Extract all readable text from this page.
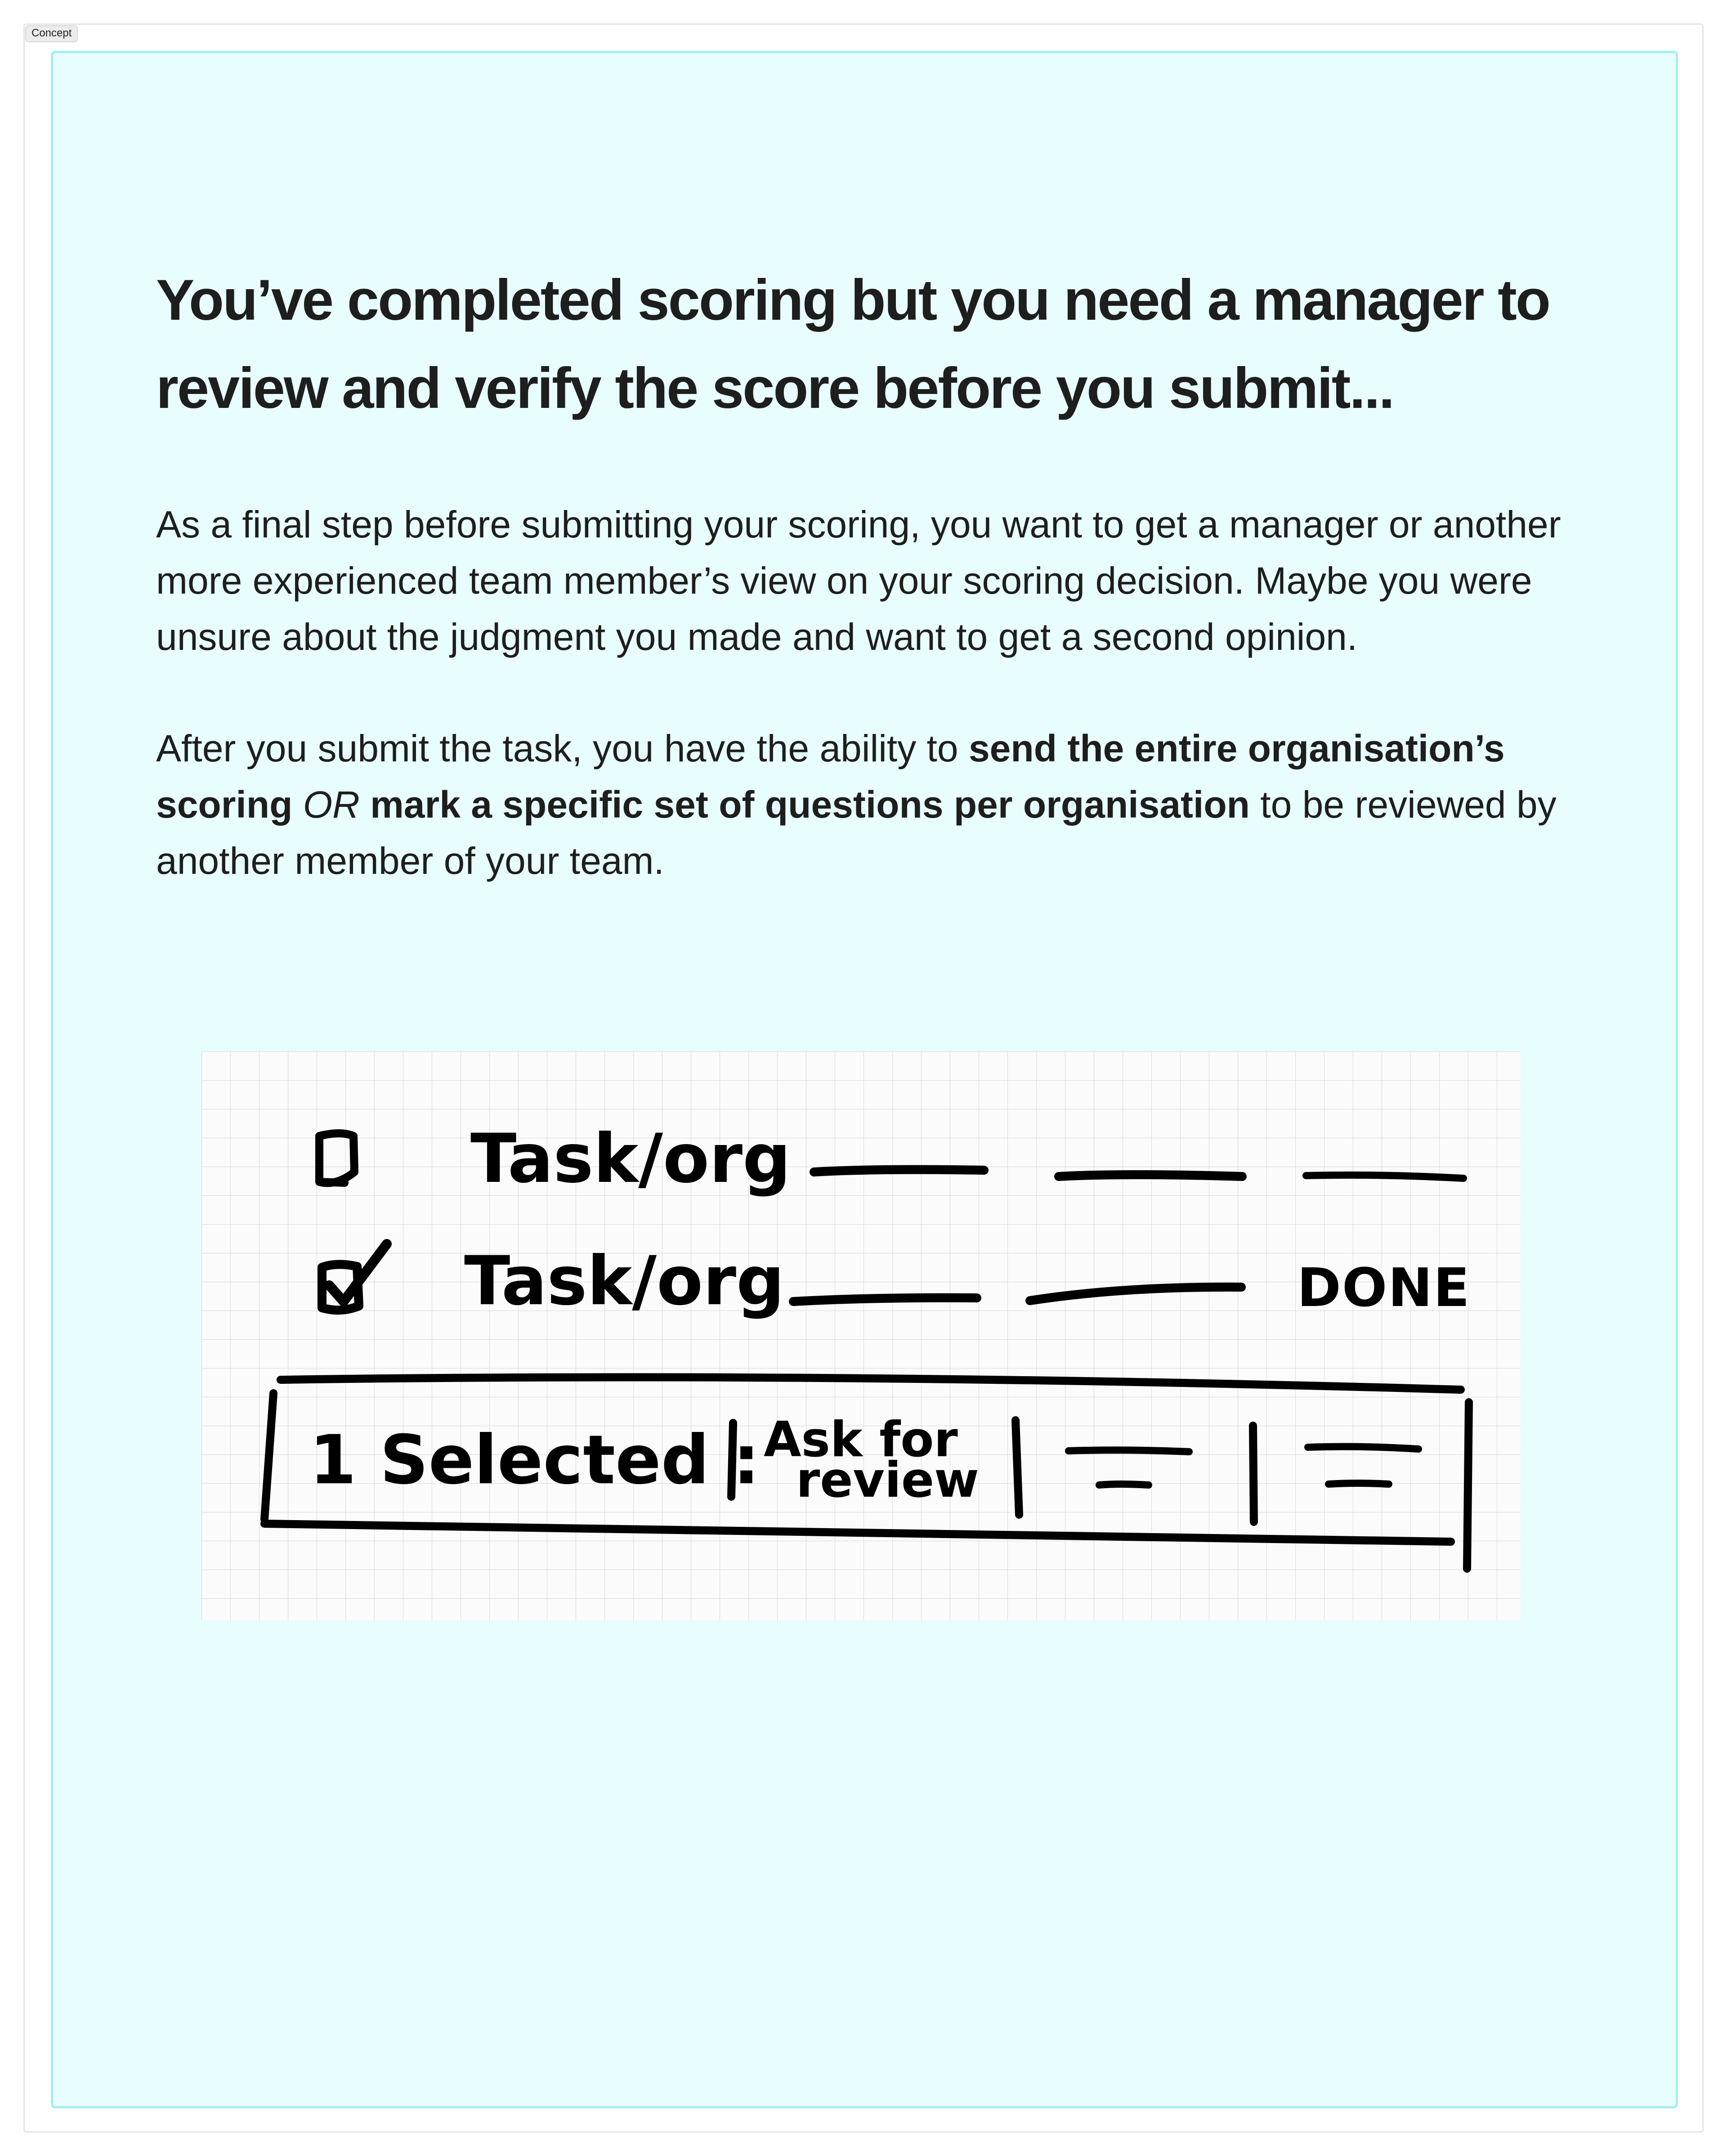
Concept
You’ve completed scoring but you need a manager to review and verify the score before you submit...

As a final step before submitting your scoring, you want to get a manager or another more experienced team member’s view on your scoring decision. Maybe you were unsure about the judgment you made and want to get a second opinion.

After you submit the task, you have the ability to send the entire organisation’s scoring OR mark a specific set of questions per organisation to be reviewed by another member of your team.

Task/org
Task/org	DONE
1 Selected : Ask for
review
